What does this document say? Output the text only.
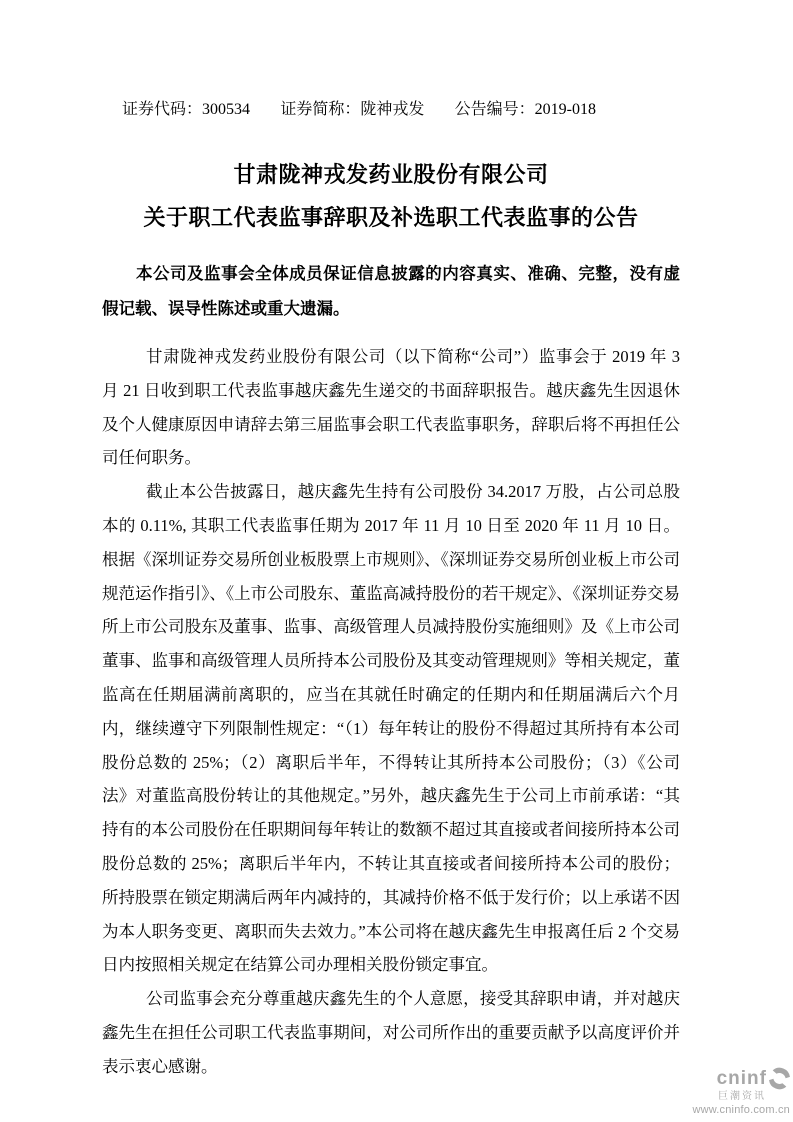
证券代码：300534 证券简称：陇神戎发 公告编号：2019-018
甘肃陇神戎发药业股份有限公司
关于职工代表监事辞职及补选职工代表监事的公告
本公司及监事会全体成员保证信息披露的内容真实、准确、完整，没有虚假记载、误导性陈述或重大遗漏。

甘肃陇神戎发药业股份有限公司（以下简称“公司”）监事会于 2019 年 3 月 21 日收到职工代表监事越庆鑫先生递交的书面辞职报告。越庆鑫先生因退休及个人健康原因申请辞去第三届监事会职工代表监事职务，辞职后将不再担任公司任何职务。

截止本公告披露日，越庆鑫先生持有公司股份 34.2017 万股，占公司总股本的 0.11%, 其职工代表监事任期为 2017 年 11 月 10 日至 2020 年 11 月 10 日。 根据《深圳证券交易所创业板股票上市规则》、《深圳证券交易所创业板上市公司规范运作指引》、《上市公司股东、董监高减持股份的若干规定》、《深圳证券交易所上市公司股东及董事、监事、高级管理人员减持股份实施细则》及《上市公司董事、监事和高级管理人员所持本公司股份及其变动管理规则》等相关规定，董监高在任期届满前离职的，应当在其就任时确定的任期内和任期届满后六个月内，继续遵守下列限制性规定：“（1）每年转让的股份不得超过其所持有本公司股份总数的 25%；（2）离职后半年，不得转让其所持本公司股份；（3）《公司法》对董监高股份转让的其他规定。”另外，越庆鑫先生于公司上市前承诺：“其持有的本公司股份在任职期间每年转让的数额不超过其直接或者间接所持本公司股份总数的 25%；离职后半年内，不转让其直接或者间接所持本公司的股份；所持股票在锁定期满后两年内减持的，其减持价格不低于发行价；以上承诺不因为本人职务变更、离职而失去效力。”本公司将在越庆鑫先生申报离任后 2 个交易日内按照相关规定在结算公司办理相关股份锁定事宜。

公司监事会充分尊重越庆鑫先生的个人意愿，接受其辞职申请，并对越庆鑫先生在担任公司职工代表监事期间，对公司所作出的重要贡献予以高度评价并表示衷心感谢。

cninf
巨潮资讯
www.cninfo.com.cn
